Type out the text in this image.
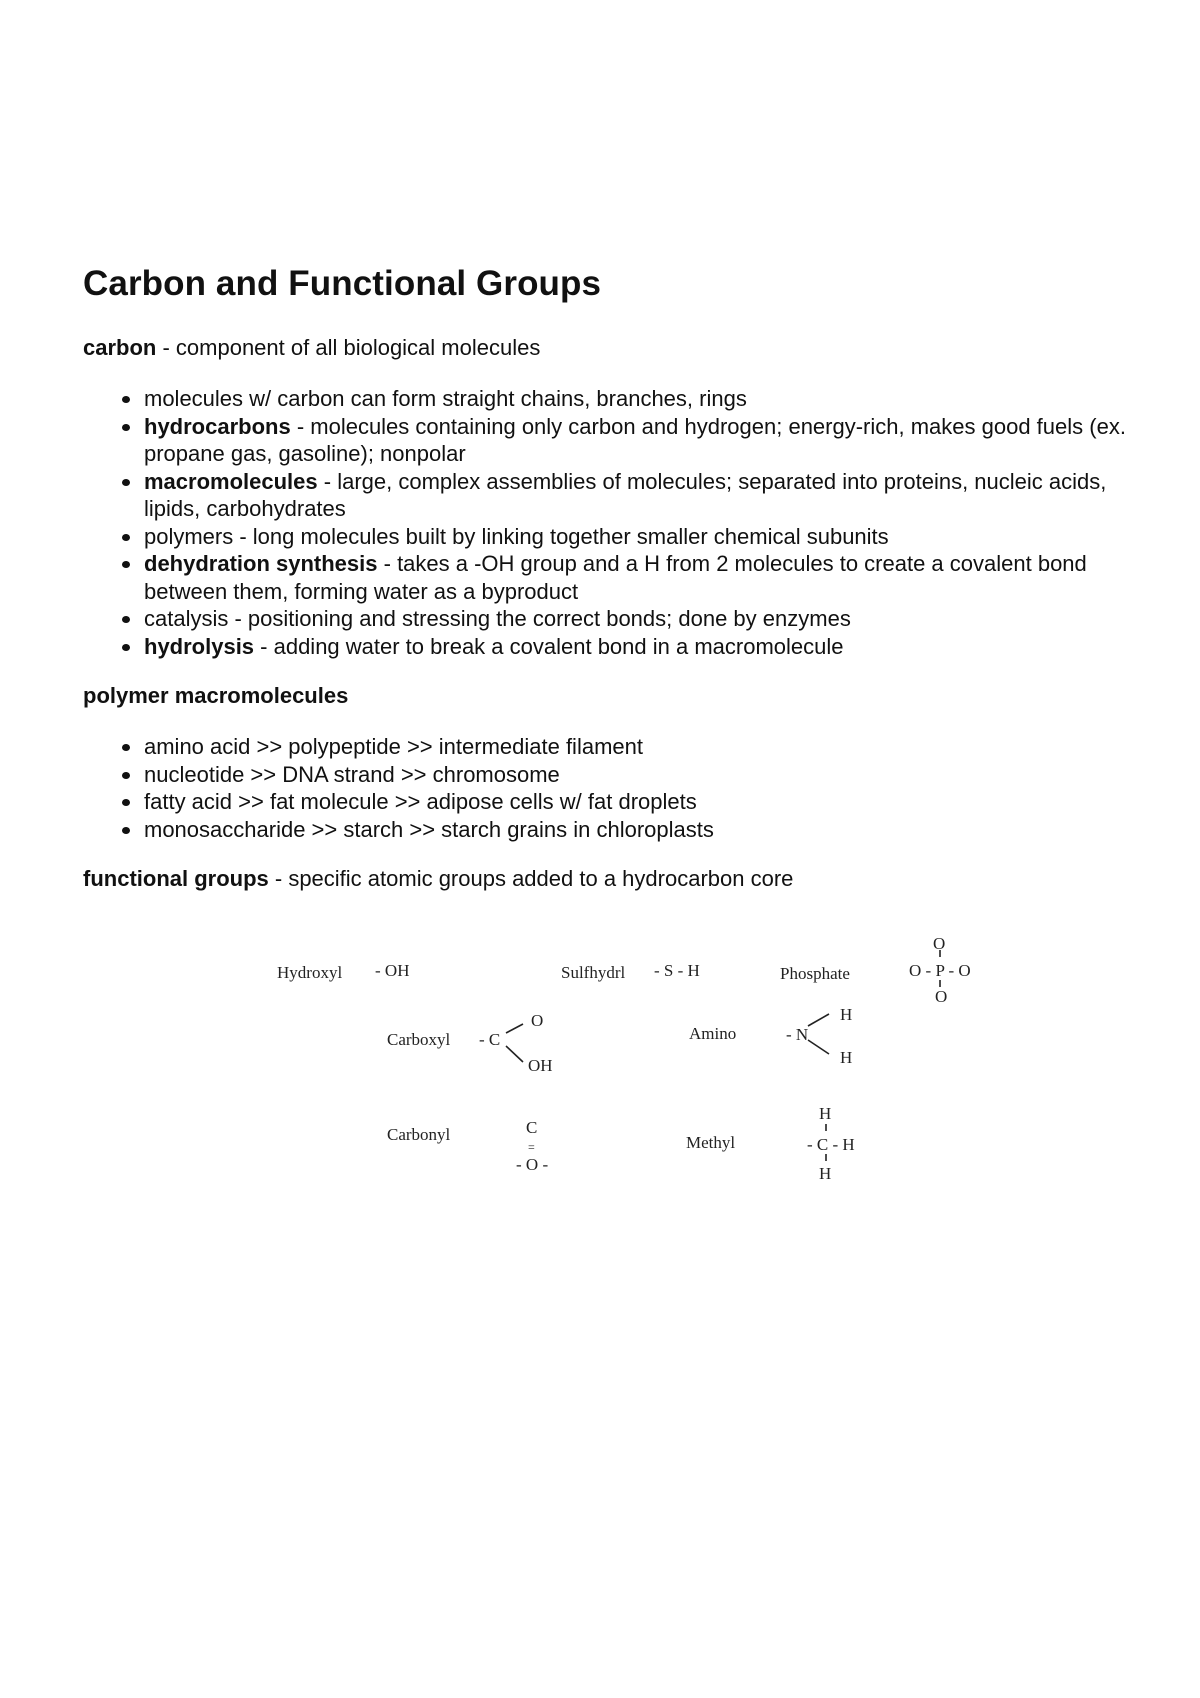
Carbon and Functional Groups

carbon - component of all biological molecules

molecules w/ carbon can form straight chains, branches, rings
hydrocarbons - molecules containing only carbon and hydrogen; energy-rich, makes good fuels (ex. propane gas, gasoline); nonpolar
macromolecules - large, complex assemblies of molecules; separated into proteins, nucleic acids, lipids, carbohydrates
polymers - long molecules built by linking together smaller chemical subunits
dehydration synthesis - takes a -OH group and a H from 2 molecules to create a covalent bond between them, forming water as a byproduct
catalysis - positioning and stressing the correct bonds; done by enzymes
hydrolysis - adding water to break a covalent bond in a macromolecule

polymer macromolecules

amino acid >> polypeptide >> intermediate filament
nucleotide >> DNA strand >> chromosome
fatty acid >> fat molecule >> adipose cells w/ fat droplets
monosaccharide >> starch >> starch grains in chloroplasts

functional groups - specific atomic groups added to a hydrocarbon core

Hydroxyl - OH	Sulfhydrl - S - H	Phosphate
O
O - P - O
O
Carboxyl - C
O
OH
Amino	- N
H
H
Carbonyl	C
=
- O -
Methyl
H
- C - H
H
